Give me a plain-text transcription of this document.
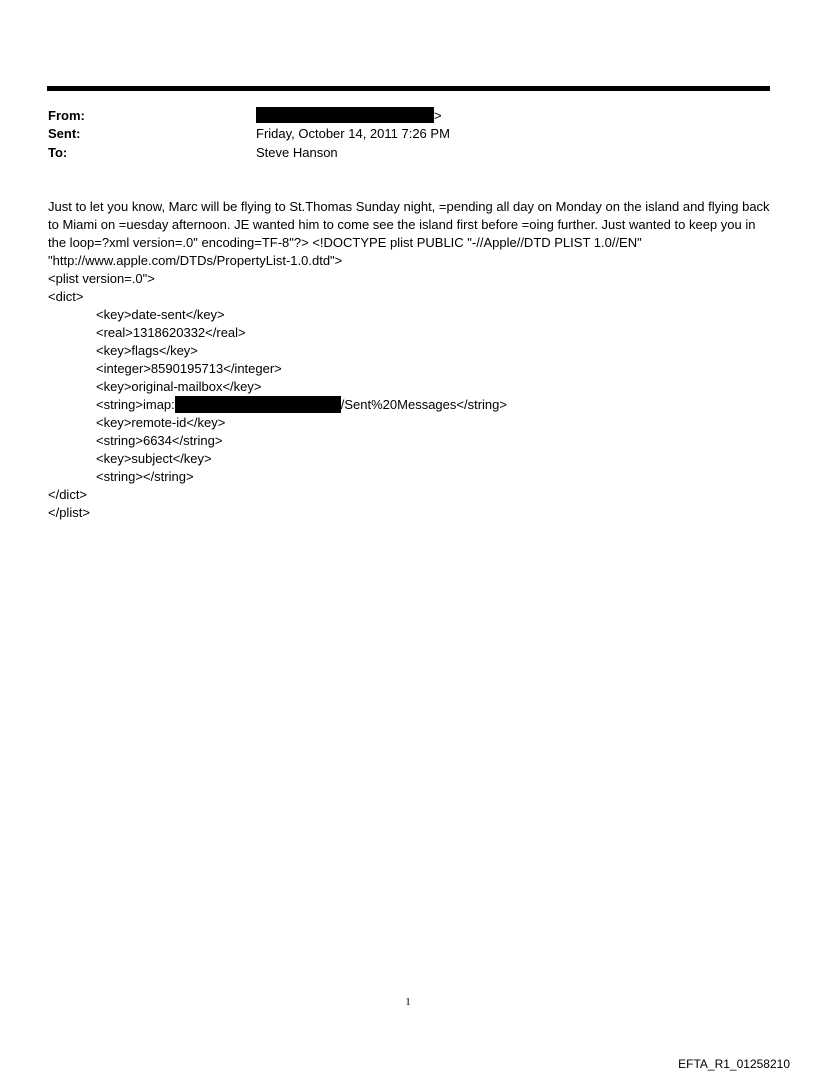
From:	>
Sent:	Friday, October 14, 2011 7:26 PM
To:	Steve Hanson
Just to let you know, Marc will be flying to St.Thomas Sunday night, =pending all day on Monday on the island and flying back to Miami on =uesday afternoon. JE wanted him to come see the island first before =oing further. Just wanted to keep you in the loop=?xml version=.0" encoding=TF-8"?> <!DOCTYPE plist PUBLIC "-//Apple//DTD PLIST 1.0//EN" "http://www.apple.com/DTDs/PropertyList-1.0.dtd">
<plist version=.0">
<dict>
<key>date-sent</key>
<real>1318620332</real>
<key>flags</key>
<integer>8590195713</integer>
<key>original-mailbox</key>
<string>imap:	/Sent%20Messages</string>
<key>remote-id</key>
<string>6634</string>
<key>subject</key>
<string></string>
</dict>
</plist>
1
EFTA_R1_01258210
